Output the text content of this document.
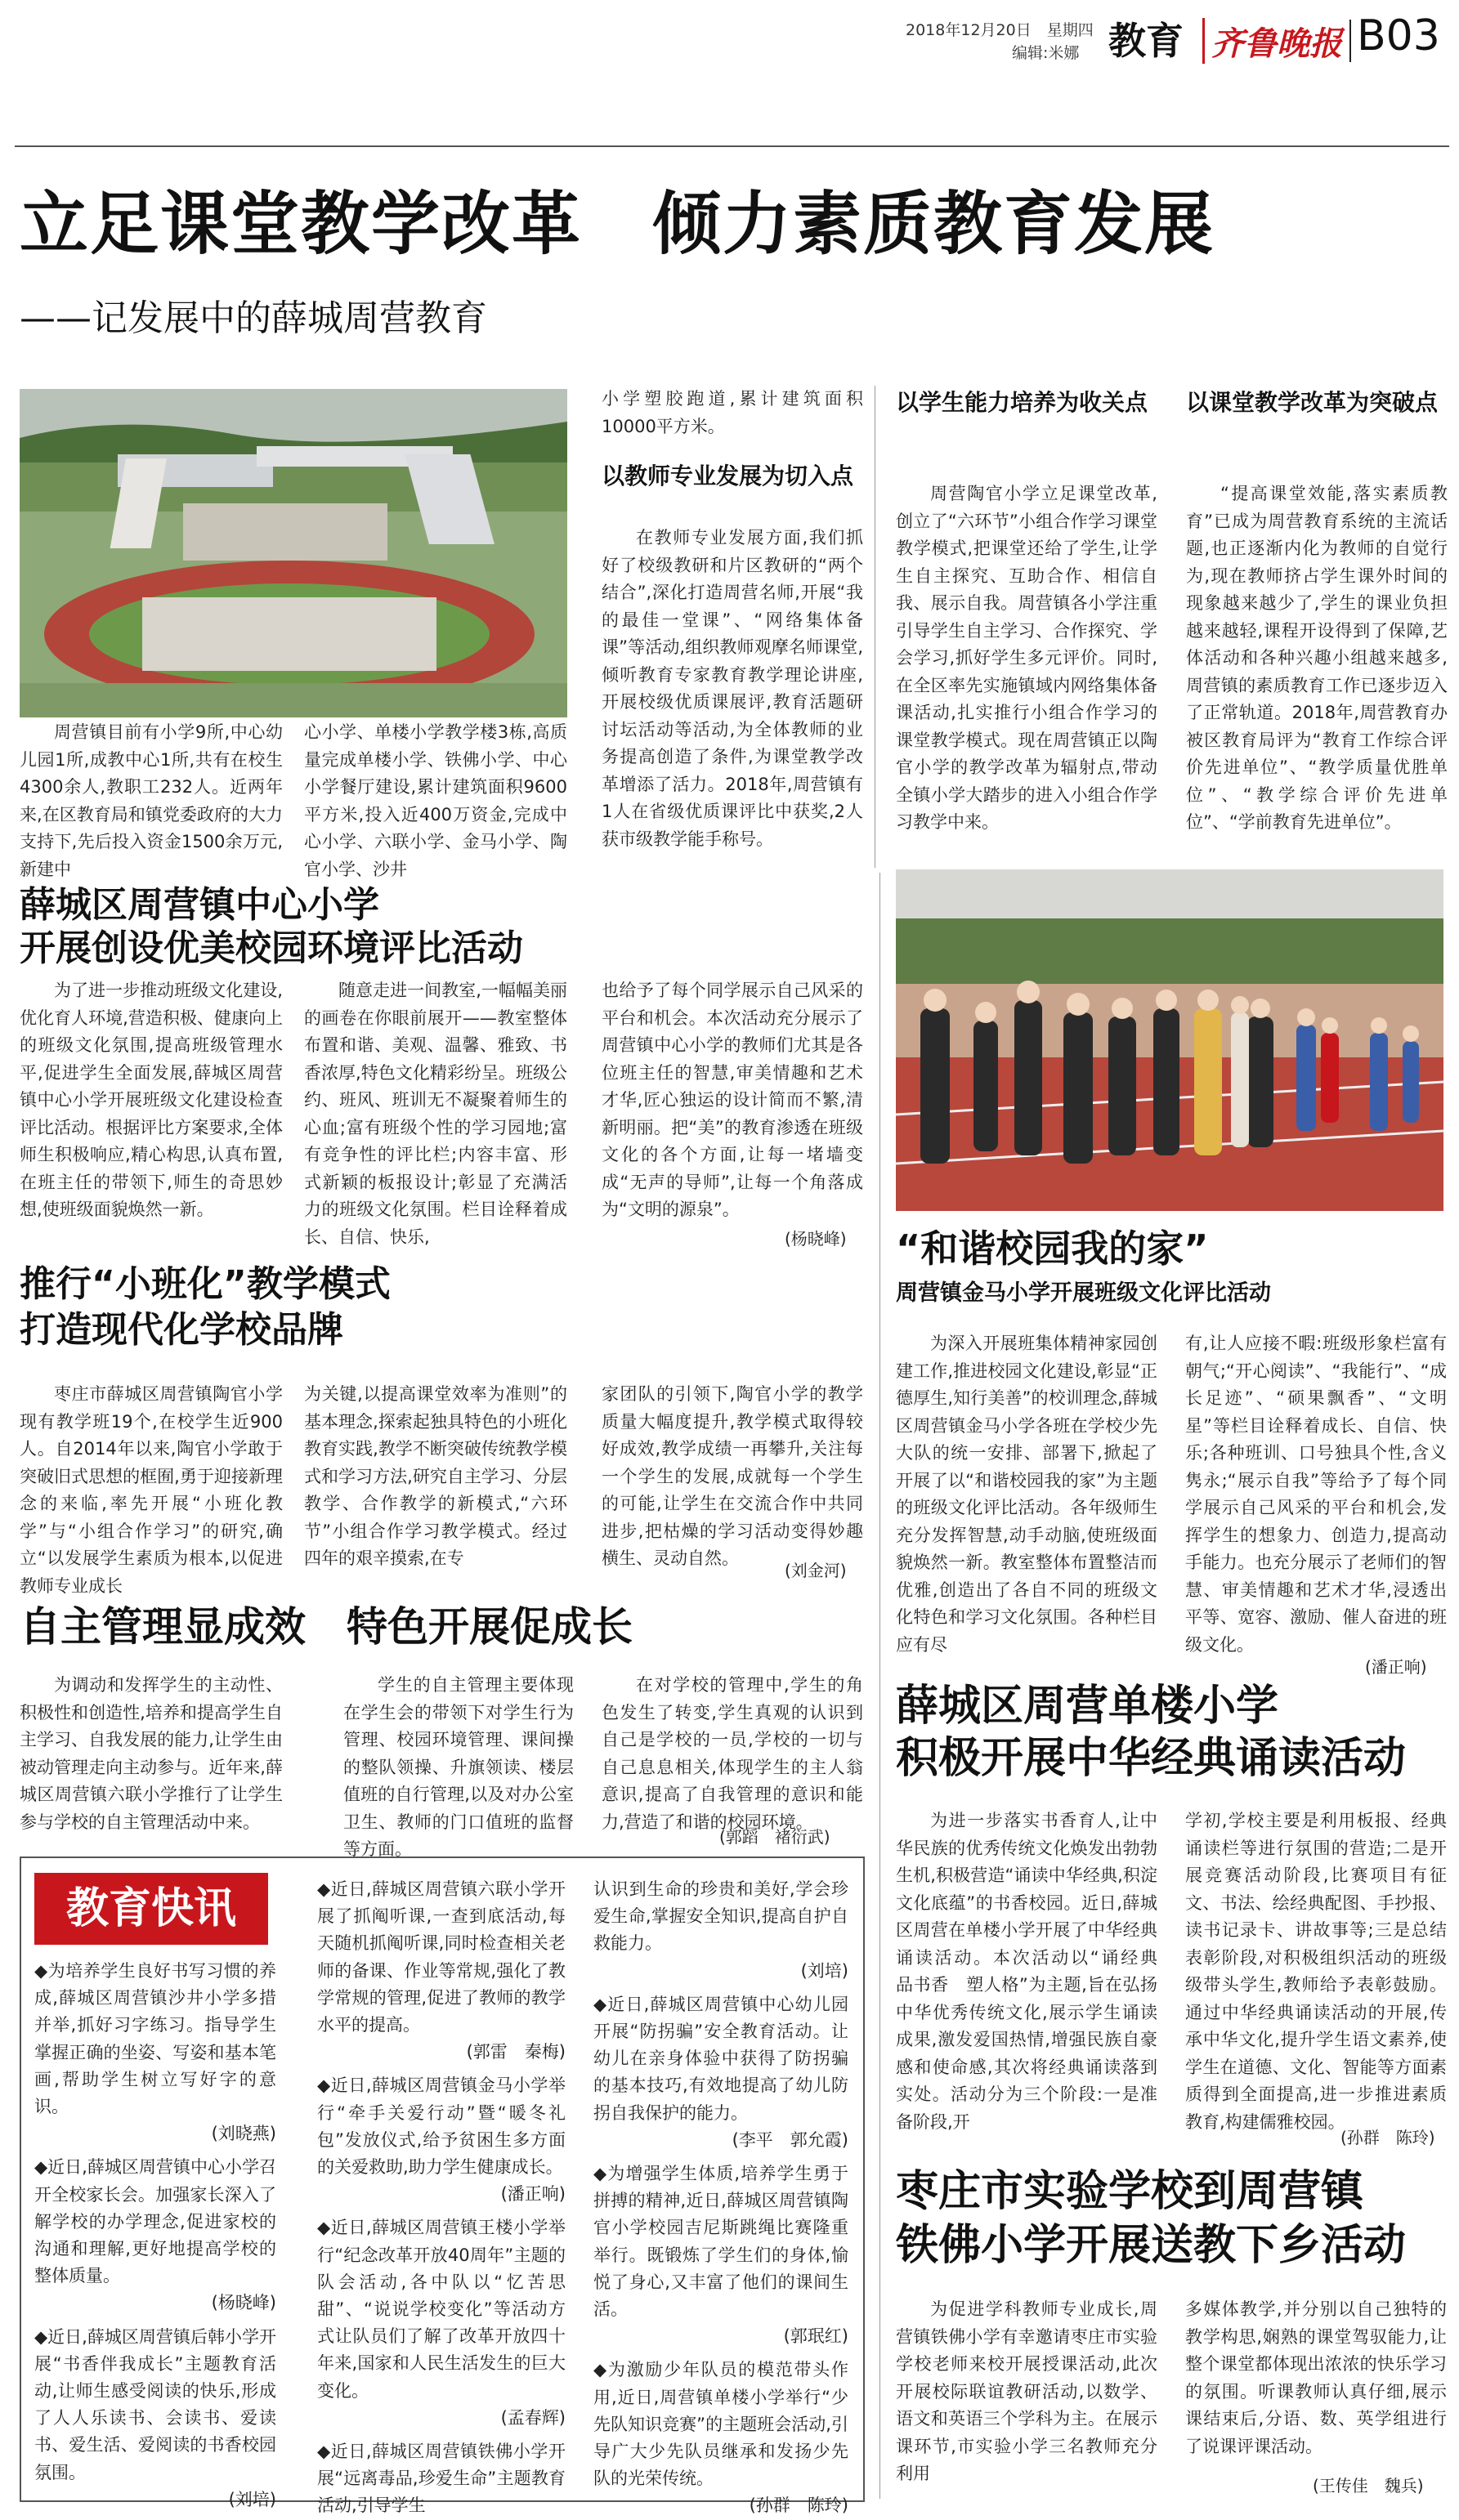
2018年12月20日　 星期四
编辑:米娜 教育 齐鲁晚报 B03
立足课堂教学改革　倾力素质教育发展
——记发展中的薛城周营教育
周营镇目前有小学9所,中心幼儿园1所,成教中心1所,共有在校生4300余人,教职工232人。近两年来,在区教育局和镇党委政府的大力支持下,先后投入资金1500余万元,新建中
心小学、单楼小学教学楼3栋,高质量完成单楼小学、铁佛小学、中心小学餐厅建设,累计建筑面积9600平方米,投入近400万资金,完成中心小学、六联小学、金马小学、陶官小学、沙井
小学塑胶跑道,累计建筑面积10000平方米。
以教师专业发展为切入点
在教师专业发展方面,我们抓好了校级教研和片区教研的“两个结合”,深化打造周营名师,开展“我的最佳一堂课”、“网络集体备课”等活动,组织教师观摩名师课堂,倾听教育专家教育教学理论讲座,开展校级优质课展评,教育活题研讨坛活动等活动,为全体教师的业务提高创造了条件,为课堂教学改革增添了活力。2018年,周营镇有1人在省级优质课评比中获奖,2人获市级教学能手称号。
以学生能力培养为收关点
周营陶官小学立足课堂改革,创立了“六环节”小组合作学习课堂教学模式,把课堂还给了学生,让学生自主探究、互助合作、相信自我、展示自我。周营镇各小学注重引导学生自主学习、合作探究、学会学习,抓好学生多元评价。同时,在全区率先实施镇域内网络集体备课活动,扎实推行小组合作学习的课堂教学模式。现在周营镇正以陶官小学的教学改革为辐射点,带动全镇小学大踏步的进入小组合作学习教学中来。
以课堂教学改革为突破点
“提高课堂效能,落实素质教育”已成为周营教育系统的主流话题,也正逐渐内化为教师的自觉行为,现在教师挤占学生课外时间的现象越来越少了,学生的课业负担越来越轻,课程开设得到了保障,艺体活动和各种兴趣小组越来越多,周营镇的素质教育工作已逐步迈入了正常轨道。2018年,周营教育办被区教育局评为“教育工作综合评价先进单位”、“教学质量优胜单位”、“教学综合评价先进单位”、“学前教育先进单位”。
薛城区周营镇中心小学
开展创设优美校园环境评比活动
为了进一步推动班级文化建设,优化育人环境,营造积极、健康向上的班级文化氛围,提高班级管理水平,促进学生全面发展,薛城区周营镇中心小学开展班级文化建设检查评比活动。根据评比方案要求,全体师生积极响应,精心构思,认真布置,在班主任的带领下,师生的奇思妙想,使班级面貌焕然一新。
随意走进一间教室,一幅幅美丽的画卷在你眼前展开——教室整体布置和谐、美观、温馨、雅致、书香浓厚,特色文化精彩纷呈。班级公约、班风、班训无不凝聚着师生的心血;富有班级个性的学习园地;富有竞争性的评比栏;内容丰富、形式新颖的板报设计;彰显了充满活力的班级文化氛围。栏目诠释着成长、自信、快乐,
也给予了每个同学展示自己风采的平台和机会。本次活动充分展示了周营镇中心小学的教师们尤其是各位班主任的智慧,审美情趣和艺术才华,匠心独运的设计简而不繁,清新明丽。把“美”的教育渗透在班级文化的各个方面,让每一堵墙变成“无声的导师”,让每一个角落成为“文明的源泉”。
(杨晓峰)
推行“小班化”教学模式
打造现代化学校品牌
枣庄市薛城区周营镇陶官小学现有教学班19个,在校学生近900人。自2014年以来,陶官小学敢于突破旧式思想的框囿,勇于迎接新理念的来临,率先开展“小班化教学”与“小组合作学习”的研究,确立“以发展学生素质为根本,以促进教师专业成长
为关键,以提高课堂效率为准则”的基本理念,探索起独具特色的小班化教育实践,教学不断突破传统教学模式和学习方法,研究自主学习、分层教学、合作教学的新模式,“六环节”小组合作学习教学模式。经过四年的艰辛摸索,在专
家团队的引领下,陶官小学的教学质量大幅度提升,教学模式取得较好成效,教学成绩一再攀升,关注每一个学生的发展,成就每一个学生的可能,让学生在交流合作中共同进步,把枯燥的学习活动变得妙趣横生、灵动自然。
(刘金河)
自主管理显成效　特色开展促成长
为调动和发挥学生的主动性、积极性和创造性,培养和提高学生自主学习、自我发展的能力,让学生由被动管理走向主动参与。近年来,薛城区周营镇六联小学推行了让学生参与学校的自主管理活动中来。
学生的自主管理主要体现在学生会的带领下对学生行为管理、校园环境管理、课间操的整队领操、升旗领读、楼层值班的自行管理,以及对办公室卫生、教师的门口值班的监督等方面。
在对学校的管理中,学生的角色发生了转变,学生真观的认识到自己是学校的一员,学校的一切与自己息息相关,体现学生的主人翁意识,提高了自我管理的意识和能力,营造了和谐的校园环境。
(郭蹈　褚衍武)
教育快讯
◆为培养学生良好书写习惯的养成,薛城区周营镇沙井小学多措并举,抓好习字练习。指导学生掌握正确的坐姿、写姿和基本笔画,帮助学生树立写好字的意识。
(刘晓燕)
◆近日,薛城区周营镇中心小学召开全校家长会。加强家长深入了解学校的办学理念,促进家校的沟通和理解,更好地提高学校的整体质量。
(杨晓峰)
◆近日,薛城区周营镇后韩小学开展“书香伴我成长”主题教育活动,让师生感受阅读的快乐,形成了人人乐读书、会读书、爱读书、爱生活、爱阅读的书香校园氛围。
(刘培)
◆近日,薛城区周营镇六联小学开展了抓阄听课,一查到底活动,每天随机抓阄听课,同时检查相关老师的备课、作业等常规,强化了教学常规的管理,促进了教师的教学水平的提高。
(郭雷　秦梅)
◆近日,薛城区周营镇金马小学举行“牵手关爱行动”暨“暖冬礼包”发放仪式,给予贫困生多方面的关爱救助,助力学生健康成长。
(潘正响)
◆近日,薛城区周营镇王楼小学举行“纪念改革开放40周年”主题的队会活动,各中队以“忆苦思甜”、“说说学校变化”等活动方式让队员们了解了改革开放四十年来,国家和人民生活发生的巨大变化。
(孟春辉)
◆近日,薛城区周营镇铁佛小学开展“远离毒品,珍爱生命”主题教育活动,引导学生
认识到生命的珍贵和美好,学会珍爱生命,掌握安全知识,提高自护自救能力。
(刘培)
◆近日,薛城区周营镇中心幼儿园开展“防拐骗”安全教育活动。让幼儿在亲身体验中获得了防拐骗的基本技巧,有效地提高了幼儿防拐自我保护的能力。
(李平　郭允霞)
◆为增强学生体质,培养学生勇于拼搏的精神,近日,薛城区周营镇陶官小学校园吉尼斯跳绳比赛隆重举行。既锻炼了学生们的身体,愉悦了身心,又丰富了他们的课间生活。
(郭珉红)
◆为激励少年队员的模范带头作用,近日,周营镇单楼小学举行“少先队知识竞赛”的主题班会活动,引导广大少先队员继承和发扬少先队的光荣传统。
(孙群　陈玲)
“和谐校园我的家”
周营镇金马小学开展班级文化评比活动
为深入开展班集体精神家园创建工作,推进校园文化建设,彰显“正德厚生,知行美善”的校训理念,薛城区周营镇金马小学各班在学校少先大队的统一安排、部署下,掀起了开展了以“和谐校园我的家”为主题的班级文化评比活动。各年级师生充分发挥智慧,动手动脑,使班级面貌焕然一新。教室整体布置整洁而优雅,创造出了各自不同的班级文化特色和学习文化氛围。各种栏目应有尽
有,让人应接不暇:班级形象栏富有朝气;“开心阅读”、“我能行”、“成长足迹”、“硕果飘香”、“文明星”等栏目诠释着成长、自信、快乐;各种班训、口号独具个性,含义隽永;“展示自我”等给予了每个同学展示自己风采的平台和机会,发挥学生的想象力、创造力,提高动手能力。也充分展示了老师们的智慧、审美情趣和艺术才华,浸透出平等、宽容、激励、催人奋进的班级文化。
(潘正响)
薛城区周营单楼小学
积极开展中华经典诵读活动
为进一步落实书香育人,让中华民族的优秀传统文化焕发出勃勃生机,积极营造“诵读中华经典,积淀文化底蕴”的书香校园。近日,薛城区周营在单楼小学开展了中华经典诵读活动。本次活动以“诵经典　品书香　塑人格”为主题,旨在弘扬中华优秀传统文化,展示学生诵读成果,激发爱国热情,增强民族自豪感和使命感,其次将经典诵读落到实处。活动分为三个阶段:一是准备阶段,开
学初,学校主要是利用板报、经典诵读栏等进行氛围的营造;二是开展竞赛活动阶段,比赛项目有征文、书法、绘经典配图、手抄报、读书记录卡、讲故事等;三是总结表彰阶段,对积极组织活动的班级级带头学生,教师给予表彰鼓励。通过中华经典诵读活动的开展,传承中华文化,提升学生语文素养,使学生在道德、文化、智能等方面素质得到全面提高,进一步推进素质教育,构建儒雅校园。
(孙群　陈玲)
枣庄市实验学校到周营镇
铁佛小学开展送教下乡活动
为促进学科教师专业成长,周营镇铁佛小学有幸邀请枣庄市实验学校老师来校开展授课活动,此次开展校际联谊教研活动,以数学、语文和英语三个学科为主。在展示课环节,市实验小学三名教师充分利用
多媒体教学,并分别以自己独特的教学构思,娴熟的课堂驾驭能力,让整个课堂都体现出浓浓的快乐学习的氛围。听课教师认真仔细,展示课结束后,分语、数、英学组进行了说课评课活动。
(王传佳　魏兵)
